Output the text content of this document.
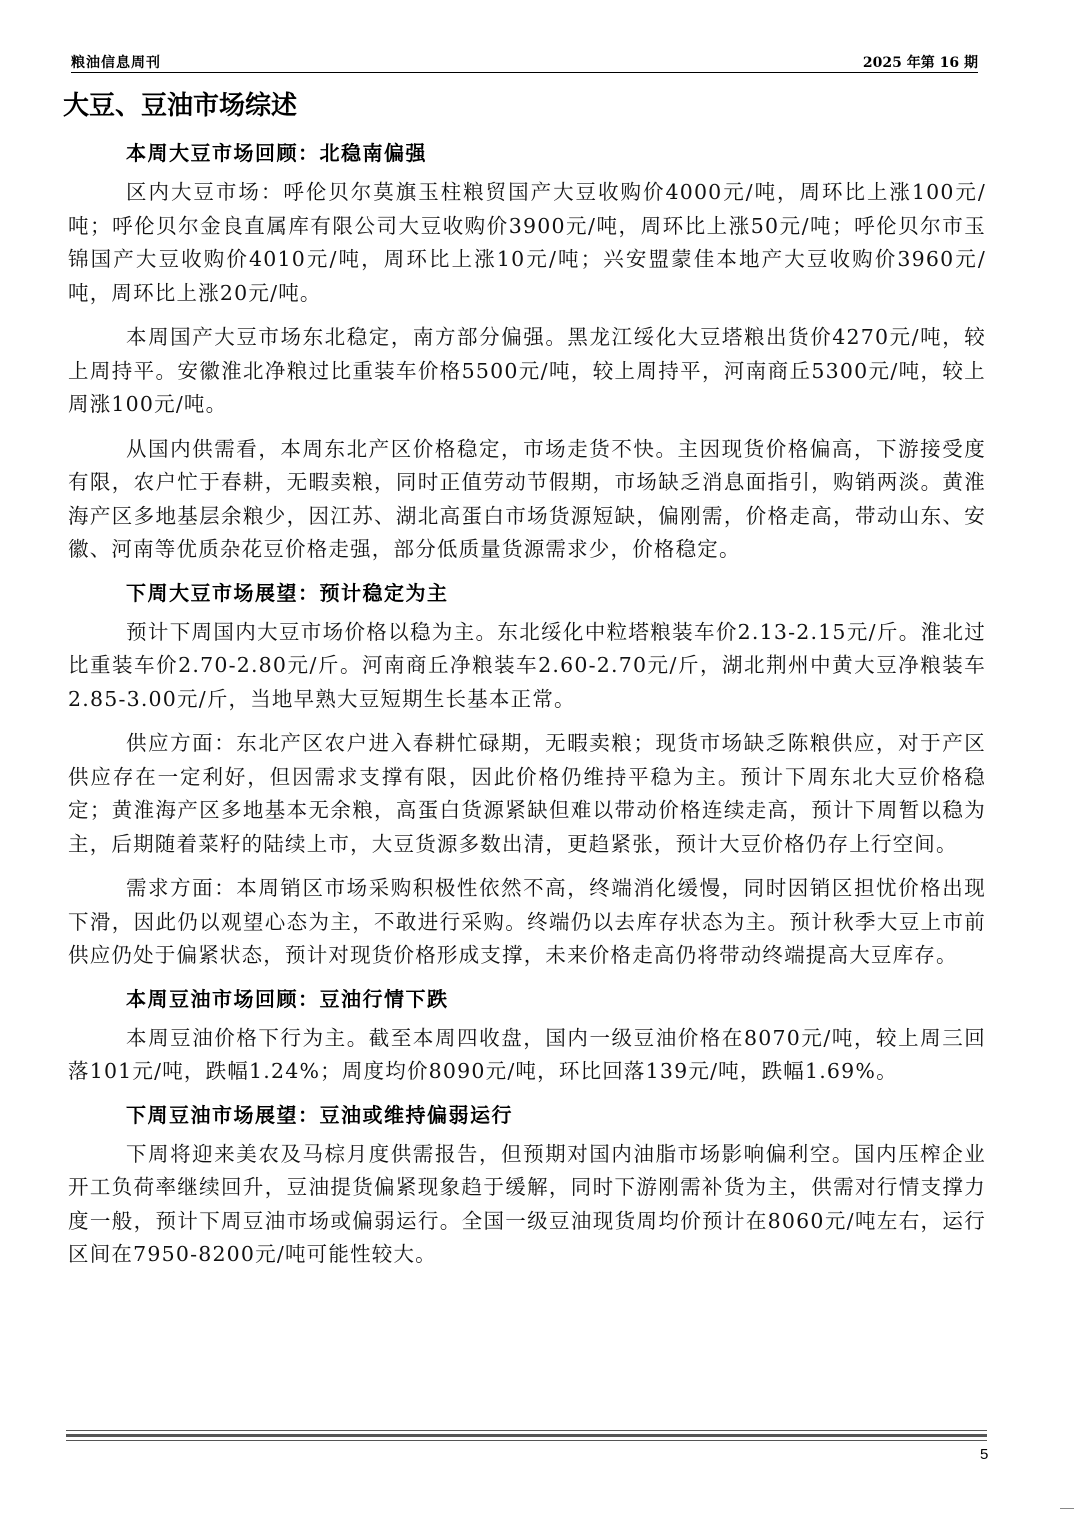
粮油信息周刊	2025 年第 16 期
大豆、豆油市场综述
本周大豆市场回顾：北稳南偏强

区内大豆市场：呼伦贝尔莫旗玉柱粮贸国产大豆收购价4000元/吨，周环比上涨100元/吨；呼伦贝尔金良直属库有限公司大豆收购价3900元/吨，周环比上涨50元/吨；呼伦贝尔市玉锦国产大豆收购价4010元/吨，周环比上涨10元/吨；兴安盟蒙佳本地产大豆收购价3960元/吨，周环比上涨20元/吨。

本周国产大豆市场东北稳定，南方部分偏强。黑龙江绥化大豆塔粮出货价4270元/吨，较上周持平。安徽淮北净粮过比重装车价格5500元/吨，较上周持平，河南商丘5300元/吨，较上周涨100元/吨。

从国内供需看，本周东北产区价格稳定，市场走货不快。主因现货价格偏高，下游接受度有限，农户忙于春耕，无暇卖粮，同时正值劳动节假期，市场缺乏消息面指引，购销两淡。黄淮海产区多地基层余粮少，因江苏、湖北高蛋白市场货源短缺，偏刚需，价格走高，带动山东、安徽、河南等优质杂花豆价格走强，部分低质量货源需求少，价格稳定。

下周大豆市场展望：预计稳定为主

预计下周国内大豆市场价格以稳为主。东北绥化中粒塔粮装车价2.13-2.15元/斤。淮北过比重装车价2.70-2.80元/斤。河南商丘净粮装车2.60-2.70元/斤，湖北荆州中黄大豆净粮装车2.85-3.00元/斤，当地早熟大豆短期生长基本正常。

供应方面：东北产区农户进入春耕忙碌期，无暇卖粮；现货市场缺乏陈粮供应，对于产区供应存在一定利好，但因需求支撑有限，因此价格仍维持平稳为主。预计下周东北大豆价格稳定；黄淮海产区多地基本无余粮，高蛋白货源紧缺但难以带动价格连续走高，预计下周暂以稳为主，后期随着菜籽的陆续上市，大豆货源多数出清，更趋紧张，预计大豆价格仍存上行空间。

需求方面：本周销区市场采购积极性依然不高，终端消化缓慢，同时因销区担忧价格出现下滑，因此仍以观望心态为主，不敢进行采购。终端仍以去库存状态为主。预计秋季大豆上市前供应仍处于偏紧状态，预计对现货价格形成支撑，未来价格走高仍将带动终端提高大豆库存。

本周豆油市场回顾：豆油行情下跌

本周豆油价格下行为主。截至本周四收盘，国内一级豆油价格在8070元/吨，较上周三回落101元/吨，跌幅1.24%；周度均价8090元/吨，环比回落139元/吨，跌幅1.69%。

下周豆油市场展望：豆油或维持偏弱运行

下周将迎来美农及马棕月度供需报告，但预期对国内油脂市场影响偏利空。国内压榨企业开工负荷率继续回升，豆油提货偏紧现象趋于缓解，同时下游刚需补货为主，供需对行情支撑力度一般，预计下周豆油市场或偏弱运行。全国一级豆油现货周均价预计在8060元/吨左右，运行区间在7950-8200元/吨可能性较大。

5
